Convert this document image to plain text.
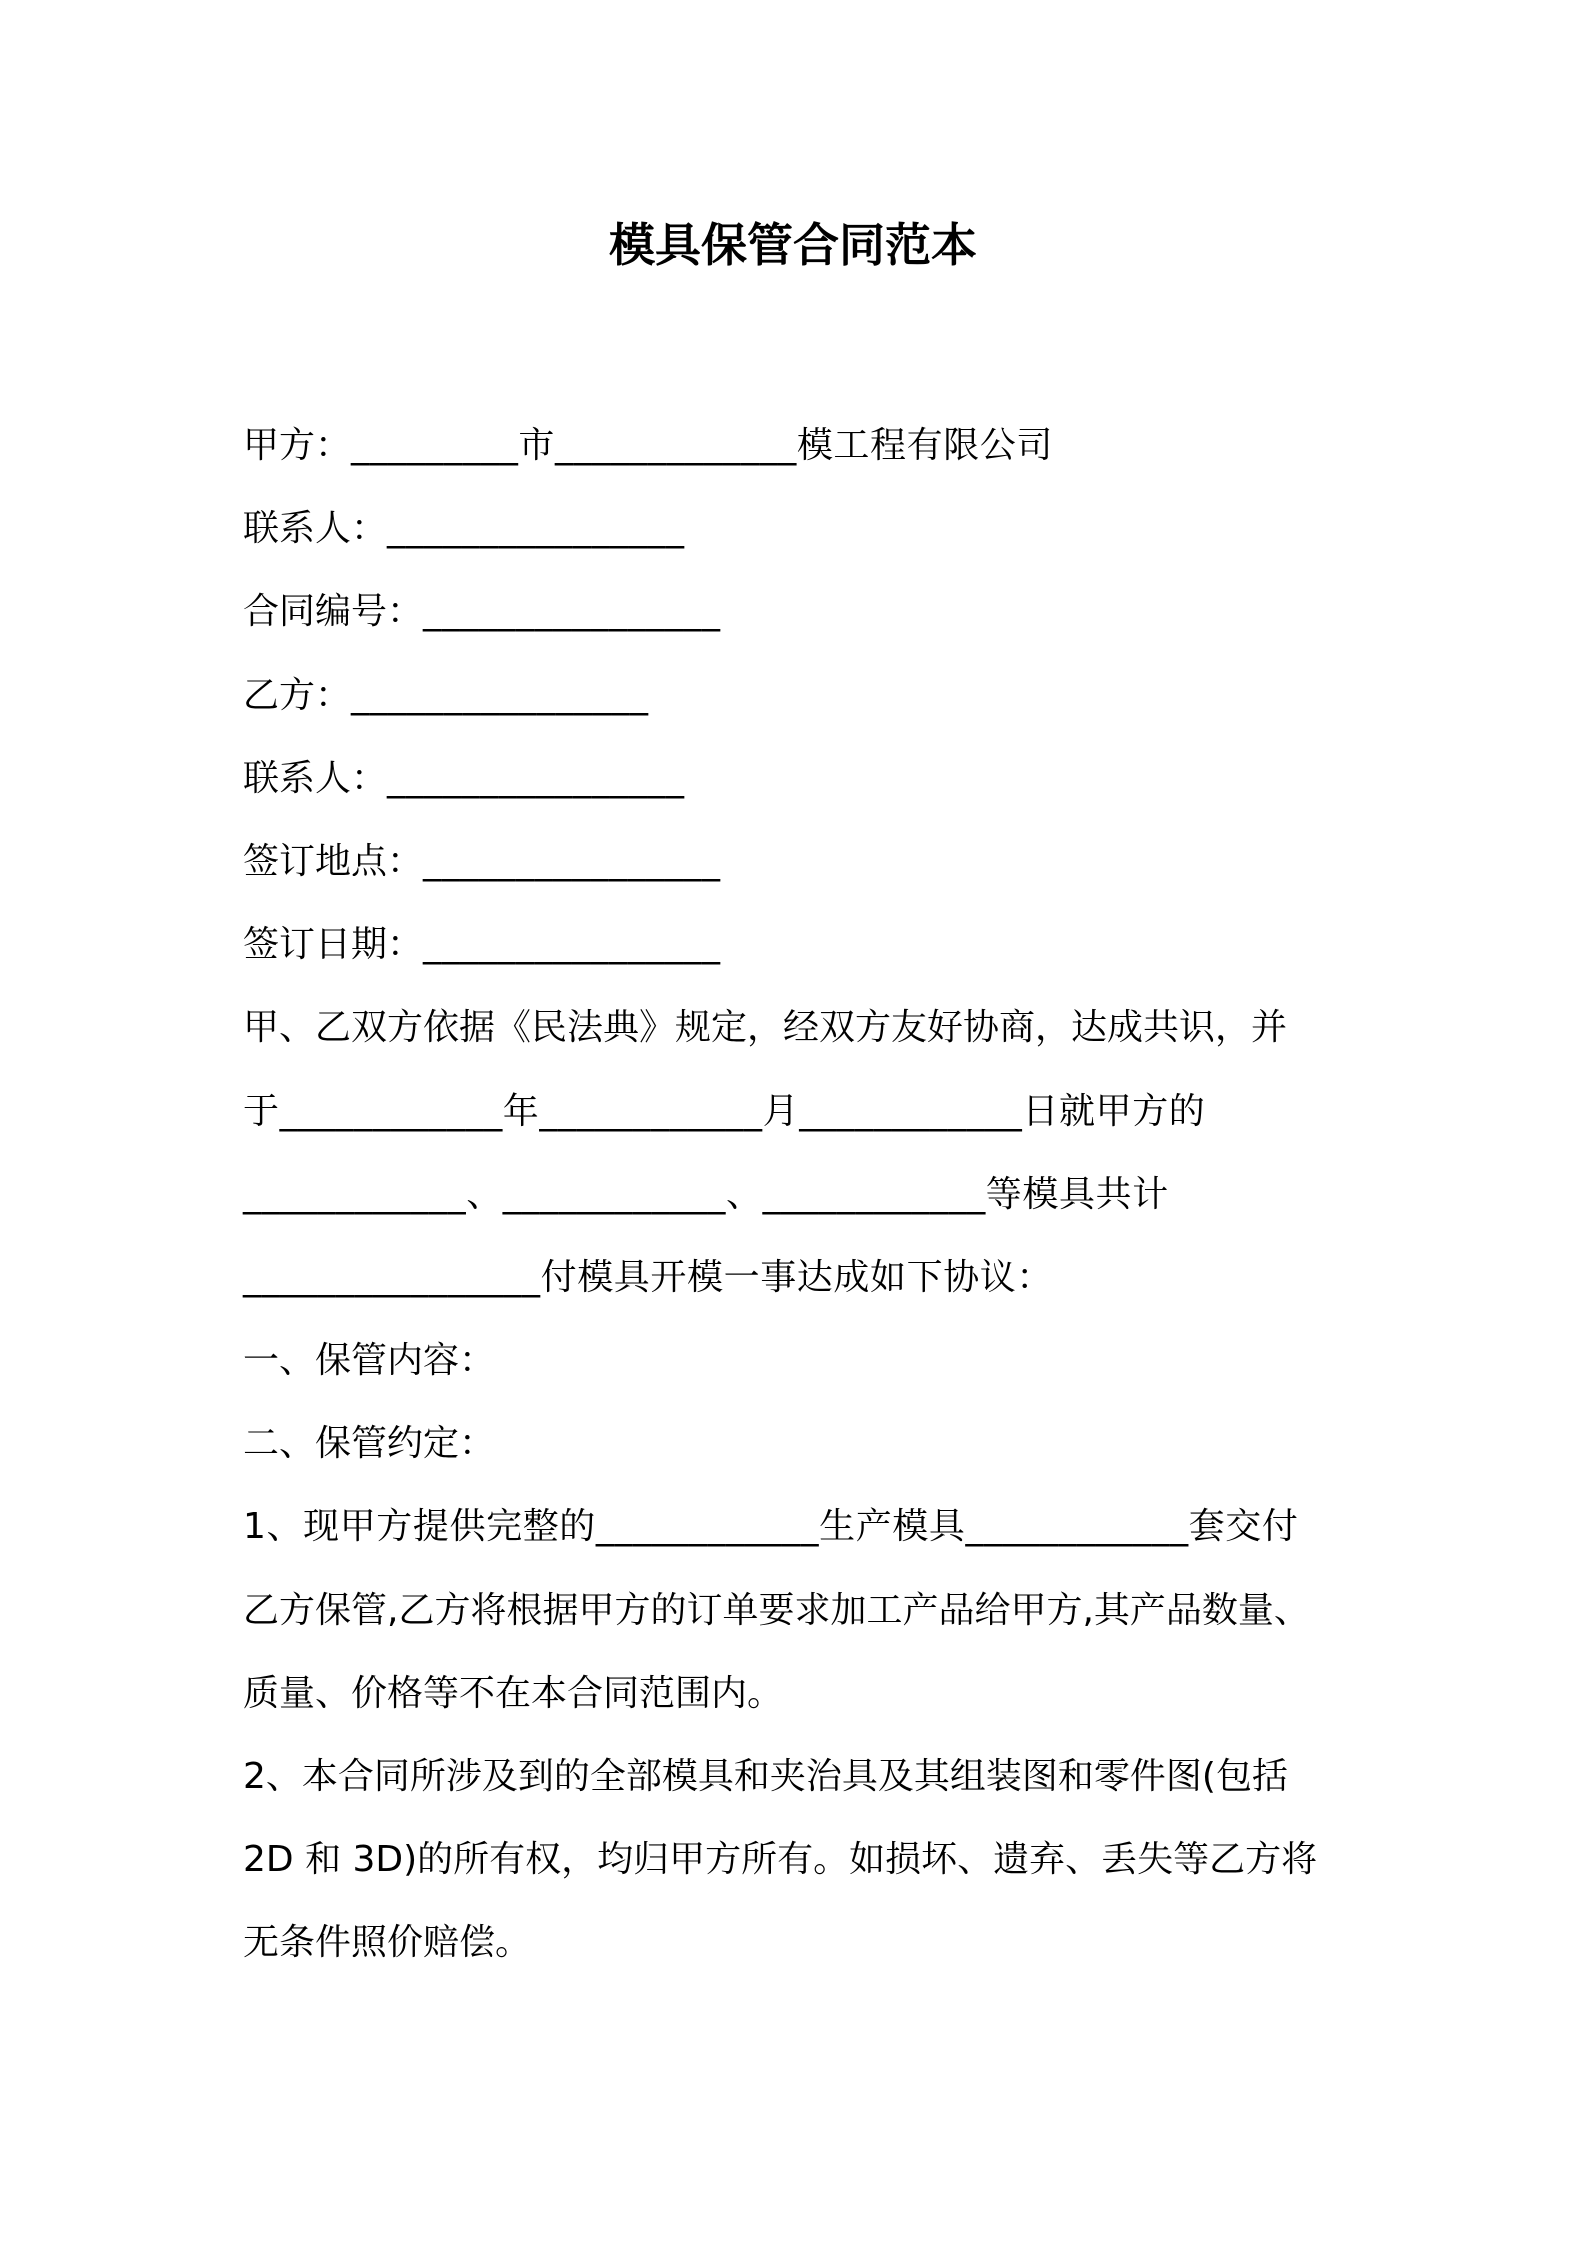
模具保管合同范本
甲方：_________市_____________模工程有限公司
联系人：________________
合同编号：________________
乙方：________________
联系人：________________
签订地点：________________
签订日期：________________
甲、乙双方依据《民法典》规定，经双方友好协商，达成共识，并
于____________年____________月____________日就甲方的
____________、____________、____________等模具共计
________________付模具开模一事达成如下协议：
一、保管内容：
二、保管约定：
1、现甲方提供完整的____________生产模具____________套交付
乙方保管,乙方将根据甲方的订单要求加工产品给甲方,其产品数量、
质量、价格等不在本合同范围内。
2、本合同所涉及到的全部模具和夹治具及其组装图和零件图(包括
2D 和 3D)的所有权，均归甲方所有。如损坏、遗弃、丢失等乙方将
无条件照价赔偿。
